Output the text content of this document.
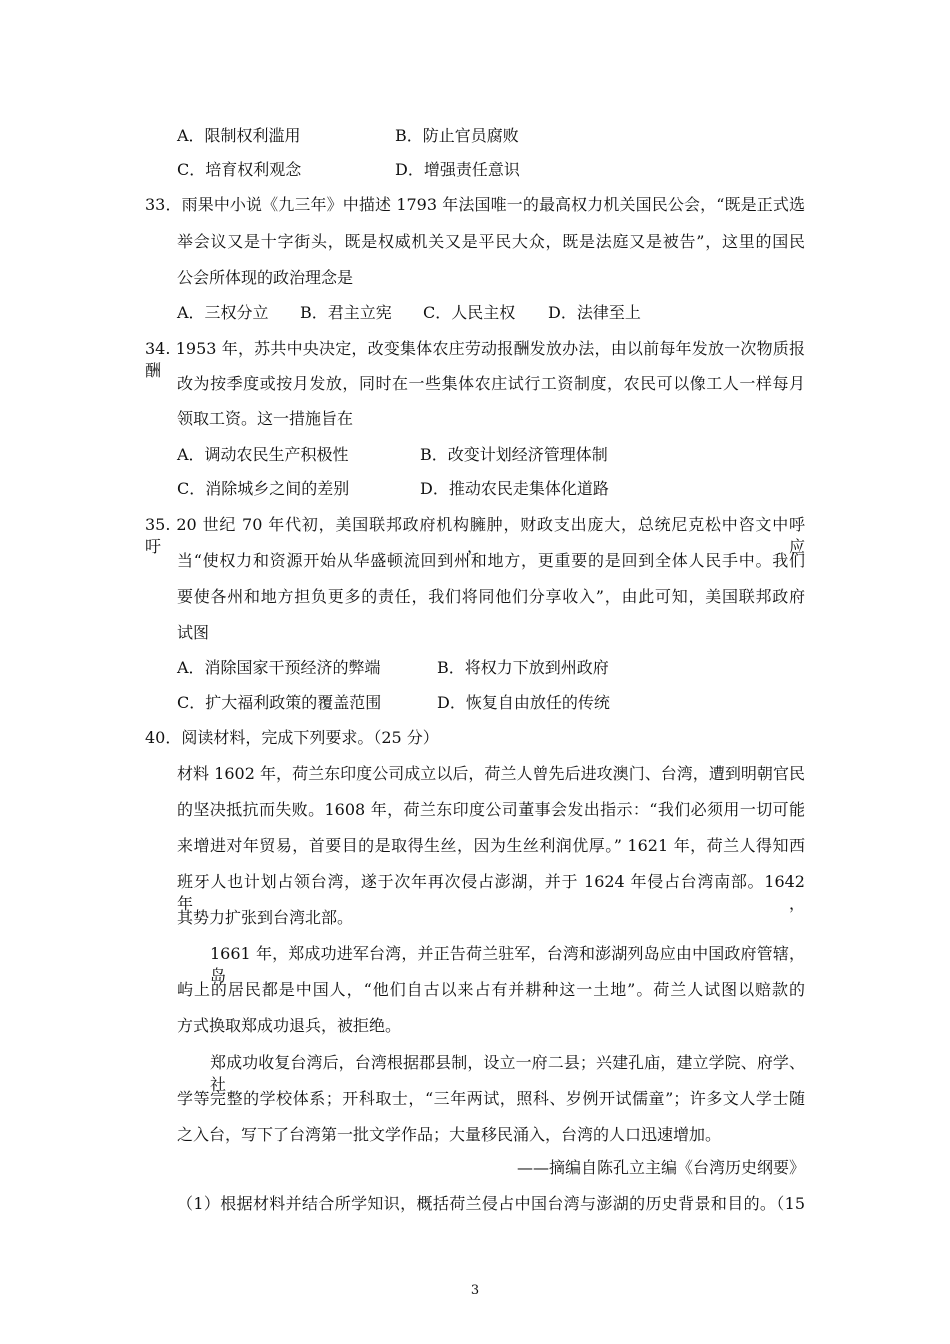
A．限制权利滥用	B．防止官员腐败
C．培育权利观念	D．增强责任意识
33．雨果中小说《九三年》中描述 1793 年法国唯一的最高权力机关国民公会，“既是正式选
举会议又是十字街头，既是权威机关又是平民大众，既是法庭又是被告”，这里的国民
公会所体现的政治理念是
A．三权分立 B．君主立宪 C．人民主权 D．法律至上
34. 1953 年，苏共中央决定，改变集体农庄劳动报酬发放办法，由以前每年发放一次物质报酬
改为按季度或按月发放，同时在一些集体农庄试行工资制度，农民可以像工人一样每月
领取工资。这一措施旨在
A．调动农民生产积极性	B．改变计划经济管理体制
C．消除城乡之间的差别	D．推动农民走集体化道路
35. 20 世纪 70 年代初，美国联邦政府机构臃肿，财政支出庞大，总统尼克松中咨文中呼吁，应
当“使权力和资源开始从华盛顿流回到州和地方，更重要的是回到全体人民手中。我们
要使各州和地方担负更多的责任，我们将同他们分享收入”，由此可知，美国联邦政府
试图
A．消除国家干预经济的弊端	B．将权力下放到州政府
C．扩大福利政策的覆盖范围	D．恢复自由放任的传统
40．阅读材料，完成下列要求。（25 分）
材料 1602 年，荷兰东印度公司成立以后，荷兰人曾先后进攻澳门、台湾，遭到明朝官民
的坚决抵抗而失败。1608 年，荷兰东印度公司董事会发出指示：“我们必须用一切可能
来增进对年贸易，首要目的是取得生丝，因为生丝利润优厚。” 1621 年，荷兰人得知西
班牙人也计划占领台湾，遂于次年再次侵占澎湖，并于 1624 年侵占台湾南部。1642 年，
其势力扩张到台湾北部。
1661 年，郑成功进军台湾，并正告荷兰驻军，台湾和澎湖列岛应由中国政府管辖，岛
屿上的居民都是中国人，“他们自古以来占有并耕种这一土地”。荷兰人试图以赔款的
方式换取郑成功退兵，被拒绝。
郑成功收复台湾后，台湾根据郡县制，设立一府二县；兴建孔庙，建立学院、府学、社
学等完整的学校体系；开科取士，“三年两试，照科、岁例开试儒童”；许多文人学士随
之入台，写下了台湾第一批文学作品；大量移民涌入，台湾的人口迅速增加。
——摘编自陈孔立主编《台湾历史纲要》
（1）根据材料并结合所学知识，概括荷兰侵占中国台湾与澎湖的历史背景和目的。（15
3
